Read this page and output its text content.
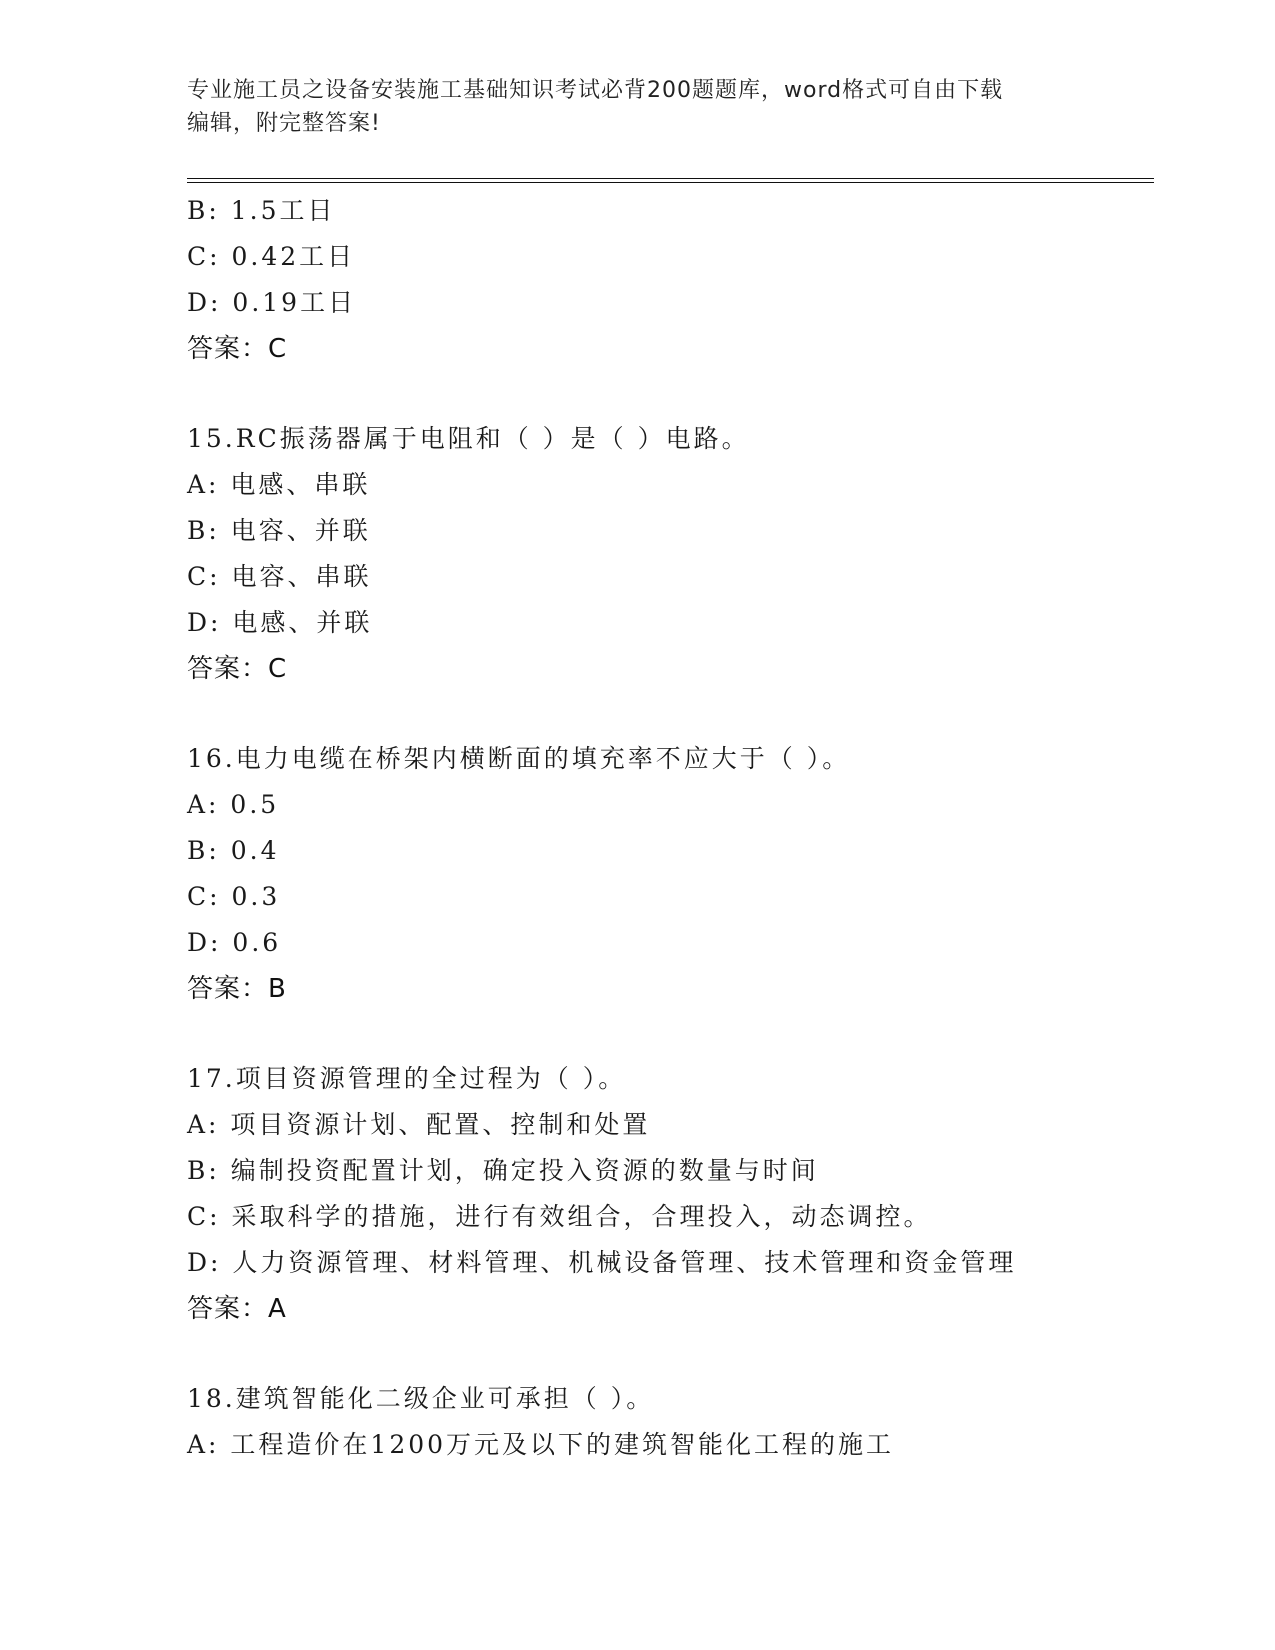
专业施工员之设备安装施工基础知识考试必背200题题库，word格式可自由下载
编辑，附完整答案!
B: 1.5工日
C: 0.42工日
D: 0.19工日
答案：C
15.RC振荡器属于电阻和（ ）是（ ）电路。
A: 电感、串联
B: 电容、并联
C: 电容、串联
D: 电感、并联
答案：C
16.电力电缆在桥架内横断面的填充率不应大于（ ）。
A: 0.5
B: 0.4
C: 0.3
D: 0.6
答案：B
17.项目资源管理的全过程为（ ）。
A: 项目资源计划、配置、控制和处置
B: 编制投资配置计划，确定投入资源的数量与时间
C: 采取科学的措施，进行有效组合，合理投入，动态调控。
D: 人力资源管理、材料管理、机械设备管理、技术管理和资金管理
答案：A
18.建筑智能化二级企业可承担（ ）。
A: 工程造价在1200万元及以下的建筑智能化工程的施工
